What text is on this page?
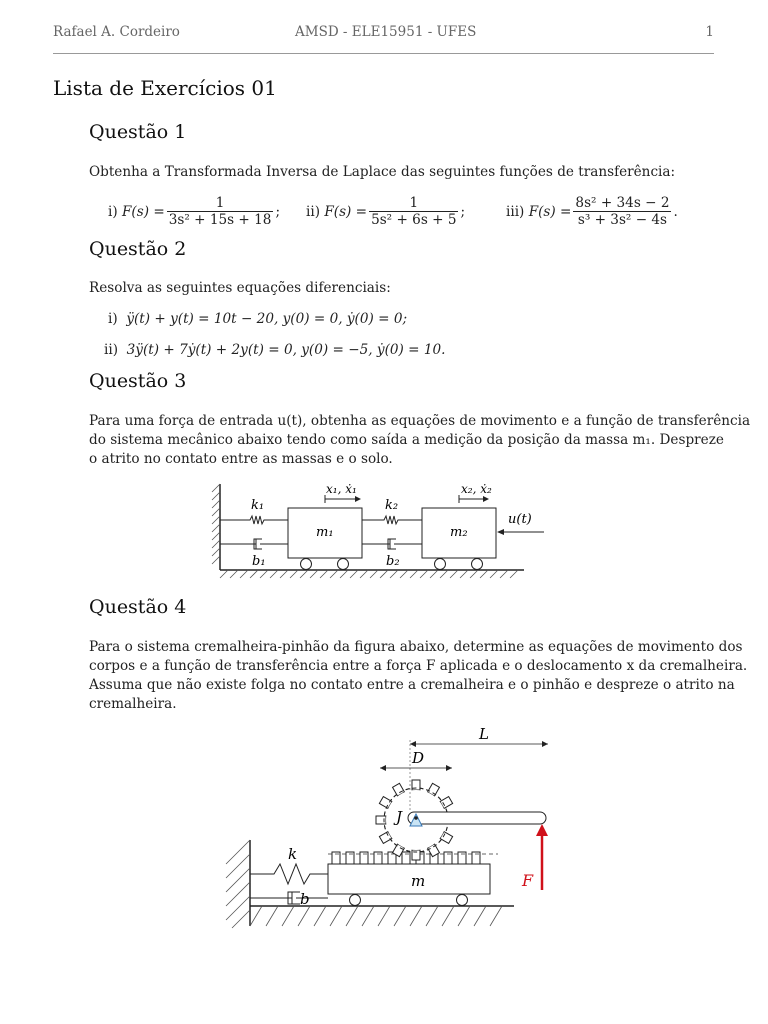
Rafael A. Cordeiro	AMSD - ELE15951 - UFES	1
Lista de Exercícios 01
Questão 1
Obtenha a Transformada Inversa de Laplace das seguintes funções de transferência:
i)
$F(s) = \frac{1}{\text{3s² + 15s + 18}}$ ; ii)
$F(s) = \frac{1}{\text{5s² + 6s + 5}}$ ;	iii)
$F(s) = \frac{\text{8s² + 34s − 2}}{\text{s³ + 3s² − 4s}}$ .
Questão 2
Resolva as seguintes equações diferenciais:
i) ÿ(t) + y(t) = 10t − 20, y(0) = 0, ẏ(0) = 0;
ii) 3ÿ(t) + 7ẏ(t) + 2y(t) = 0, y(0) = −5, ẏ(0) = 10.
Questão 3
Para uma força de entrada u(t), obtenha as equações de movimento e a função de transferência
do sistema mecânico abaixo tendo como saída a medição da posição da massa m₁. Despreze
o atrito no contato entre as massas e o solo.
k₁
b₁
m₁
x₁, ẋ₁
k₂
b₂
m₂
x₂, ẋ₂
u(t)
Questão 4
Para o sistema cremalheira-pinhão da figura abaixo, determine as equações de movimento dos
corpos e a função de transferência entre a força F aplicada e o deslocamento x da cremalheira.
Assuma que não existe folga no contato entre a cremalheira e o pinhão e despreze o atrito na
cremalheira.
k
b
m
J
L
D
F
